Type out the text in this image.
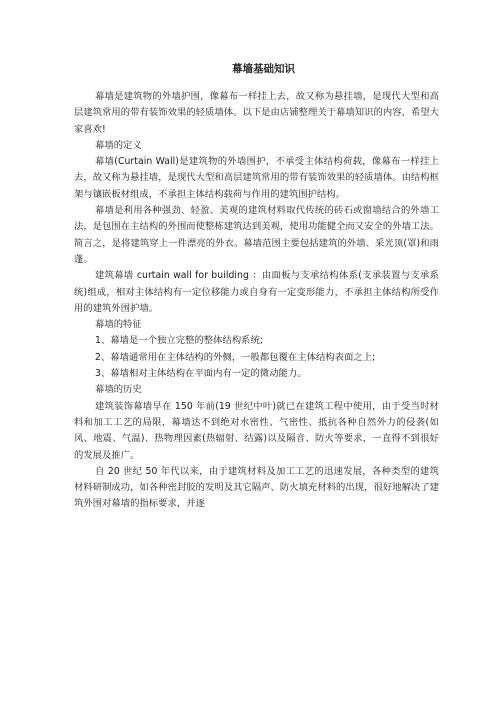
幕墙基础知识

幕墙是建筑物的外墙护围，像幕布一样挂上去，故又称为悬挂墙，是现代大型和高层建筑常用的带有装饰效果的轻质墙体。以下是由店铺整理关于幕墙知识的内容，希望大家喜欢!

幕墙的定义

幕墙(Curtain Wall)是建筑物的外墙围护，不承受主体结构荷载，像幕布一样挂上去，故又称为悬挂墙，是现代大型和高层建筑常用的带有装饰效果的轻质墙体。由结构框架与镶嵌板材组成，不承担主体结构载荷与作用的建筑围护结构。

幕墙是利用各种强劲、轻盈、美观的建筑材料取代传统的砖石或窗墙结合的外墙工法，是包围在主结构的外围而使整栋建筑达到美观，使用功能健全而又安全的外墙工法。简言之，是将建筑穿上一件漂亮的外衣。幕墙范围主要包括建筑的外墙、采光顶(罩)和雨蓬。

建筑幕墙 curtain wall for building ：由面板与支承结构体系(支承装置与支承系统)组成，相对主体结构有一定位移能力或自身有一定变形能力，不承担主体结构所受作用的建筑外围护墙。

幕墙的特征

1、幕墙是一个独立完整的整体结构系统;

2、幕墙通常用在主体结构的外侧，一般都包覆在主体结构表面之上;

3、幕墙相对主体结构在平面内有一定的微动能力。

幕墙的历史

建筑装饰幕墙早在 150 年前(19 世纪中叶)就已在建筑工程中使用，由于受当时材料和加工工艺的局限，幕墙达不到绝对水密性、气密性、抵抗各种自然外力的侵袭(如风、地震、气温)、热物理因素(热辐射、结露)以及隔音、防火等要求，一直得不到很好的发展及推广。

自 20 世纪 50 年代以来，由于建筑材料及加工工艺的迅速发展，各种类型的建筑材料研制成功，如各种密封胶的发明及其它隔声、防火填充材料的出现，很好地解决了建筑外围对幕墙的指标要求，并逐
